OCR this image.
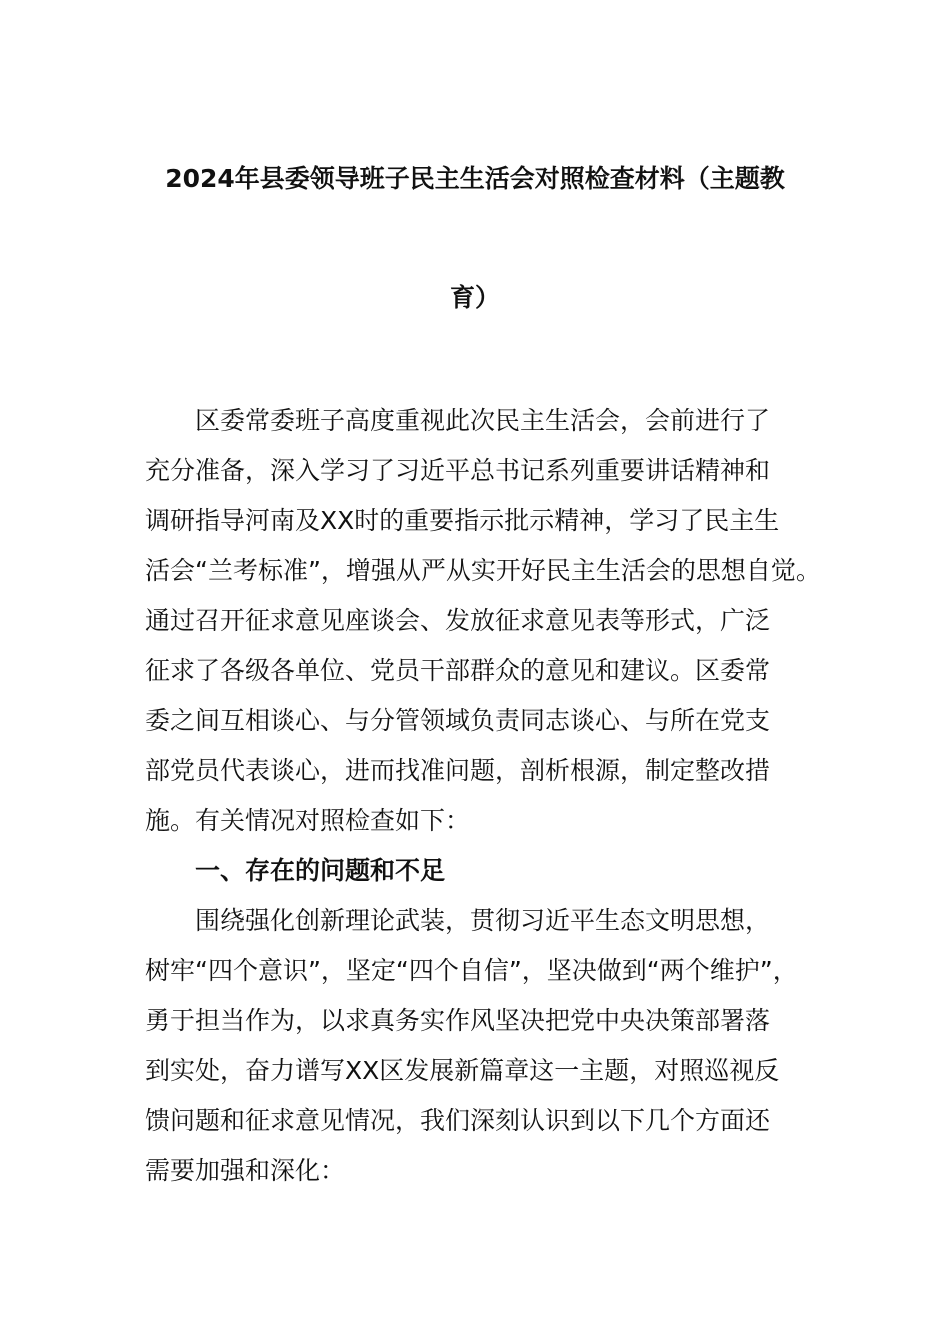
2024年县委领导班子民主生活会对照检查材料（主题教
育）
区委常委班子高度重视此次民主生活会，会前进行了
充分准备，深入学习了习近平总书记系列重要讲话精神和
调研指导河南及XX时的重要指示批示精神，学习了民主生
活会“兰考标准”，增强从严从实开好民主生活会的思想自觉。
通过召开征求意见座谈会、发放征求意见表等形式，广泛
征求了各级各单位、党员干部群众的意见和建议。区委常
委之间互相谈心、与分管领域负责同志谈心、与所在党支
部党员代表谈心，进而找准问题，剖析根源，制定整改措
施。有关情况对照检查如下：
一、存在的问题和不足
围绕强化创新理论武装，贯彻习近平生态文明思想，
树牢“四个意识”，坚定“四个自信”，坚决做到“两个维护”，
勇于担当作为，以求真务实作风坚决把党中央决策部署落
到实处，奋力谱写XX区发展新篇章这一主题，对照巡视反
馈问题和征求意见情况，我们深刻认识到以下几个方面还
需要加强和深化：
